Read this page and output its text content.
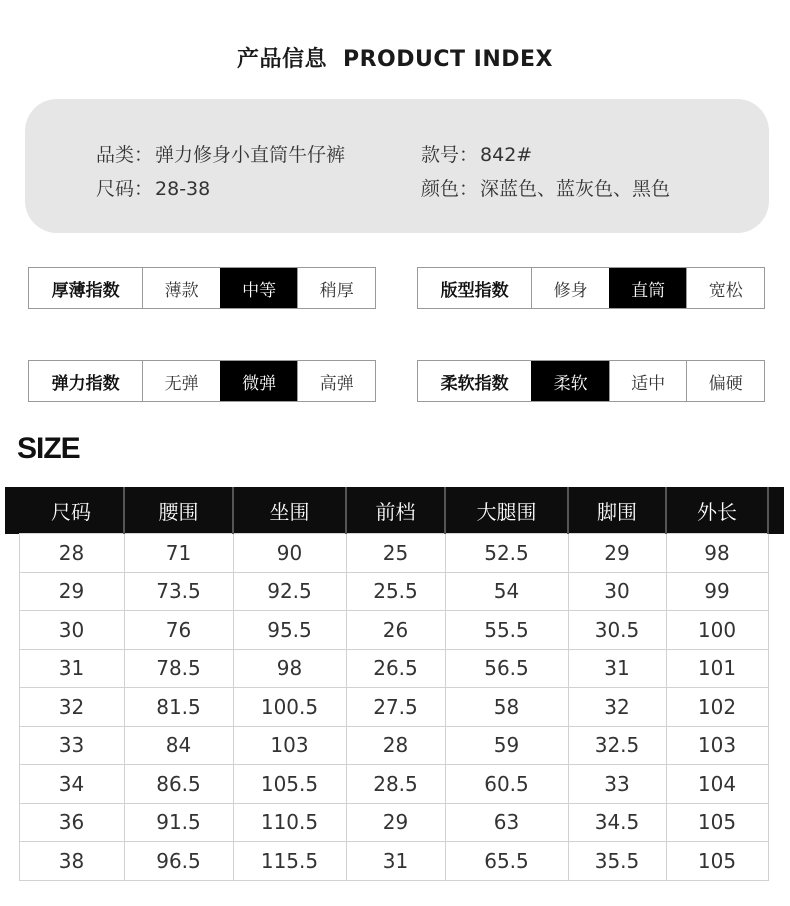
产品信息 PRODUCT INDEX
品类： 弹力修身小直筒牛仔裤	款号： 842#
尺码： 28-38	颜色： 深蓝色、蓝灰色、黑色
厚薄指数	薄款	中等	稍厚	版型指数	修身	直筒	宽松
弹力指数	无弹	微弹	高弹	柔软指数	柔软	适中	偏硬
SIZE
	尺码	腰围	坐围	前档	大腿围	脚围	外长	
	28	71	90	25	52.5	29	98	
	29	73.5	92.5	25.5	54	30	99	
	30	76	95.5	26	55.5	30.5	100	
	31	78.5	98	26.5	56.5	31	101	
	32	81.5	100.5	27.5	58	32	102	
	33	84	103	28	59	32.5	103	
	34	86.5	105.5	28.5	60.5	33	104	
	36	91.5	110.5	29	63	34.5	105	
	38	96.5	115.5	31	65.5	35.5	105	
